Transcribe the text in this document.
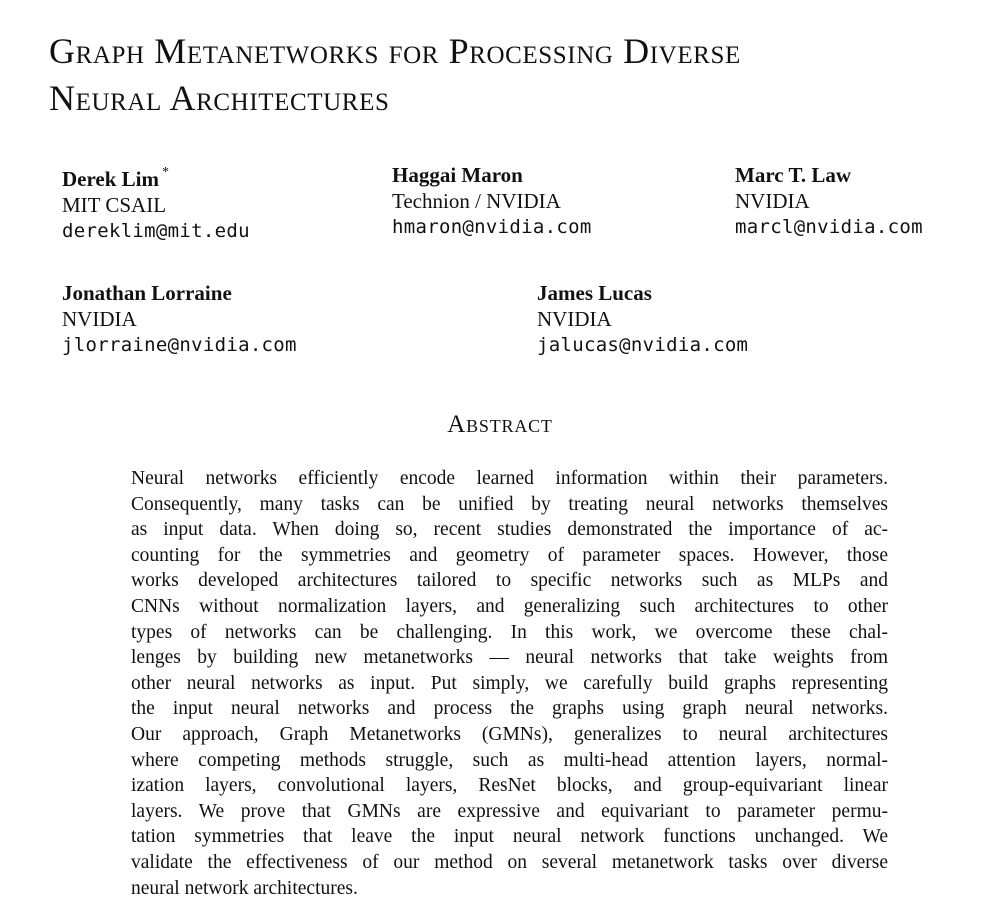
Graph Metanetworks for Processing Diverse
Neural Architectures
Derek Lim *
MIT CSAIL
dereklim@mit.edu
Haggai Maron
Technion / NVIDIA
hmaron@nvidia.com
Marc T. Law
NVIDIA
marcl@nvidia.com
Jonathan Lorraine
NVIDIA
jlorraine@nvidia.com
James Lucas
NVIDIA
jalucas@nvidia.com
Abstract
Neural networks efficiently encode learned information within their parameters.
Consequently, many tasks can be unified by treating neural networks themselves
as input data. When doing so, recent studies demonstrated the importance of ac-
counting for the symmetries and geometry of parameter spaces. However, those
works developed architectures tailored to specific networks such as MLPs and
CNNs without normalization layers, and generalizing such architectures to other
types of networks can be challenging. In this work, we overcome these chal-
lenges by building new metanetworks — neural networks that take weights from
other neural networks as input. Put simply, we carefully build graphs representing
the input neural networks and process the graphs using graph neural networks.
Our approach, Graph Metanetworks (GMNs), generalizes to neural architectures
where competing methods struggle, such as multi-head attention layers, normal-
ization layers, convolutional layers, ResNet blocks, and group-equivariant linear
layers. We prove that GMNs are expressive and equivariant to parameter permu-
tation symmetries that leave the input neural network functions unchanged. We
validate the effectiveness of our method on several metanetwork tasks over diverse
neural network architectures.
